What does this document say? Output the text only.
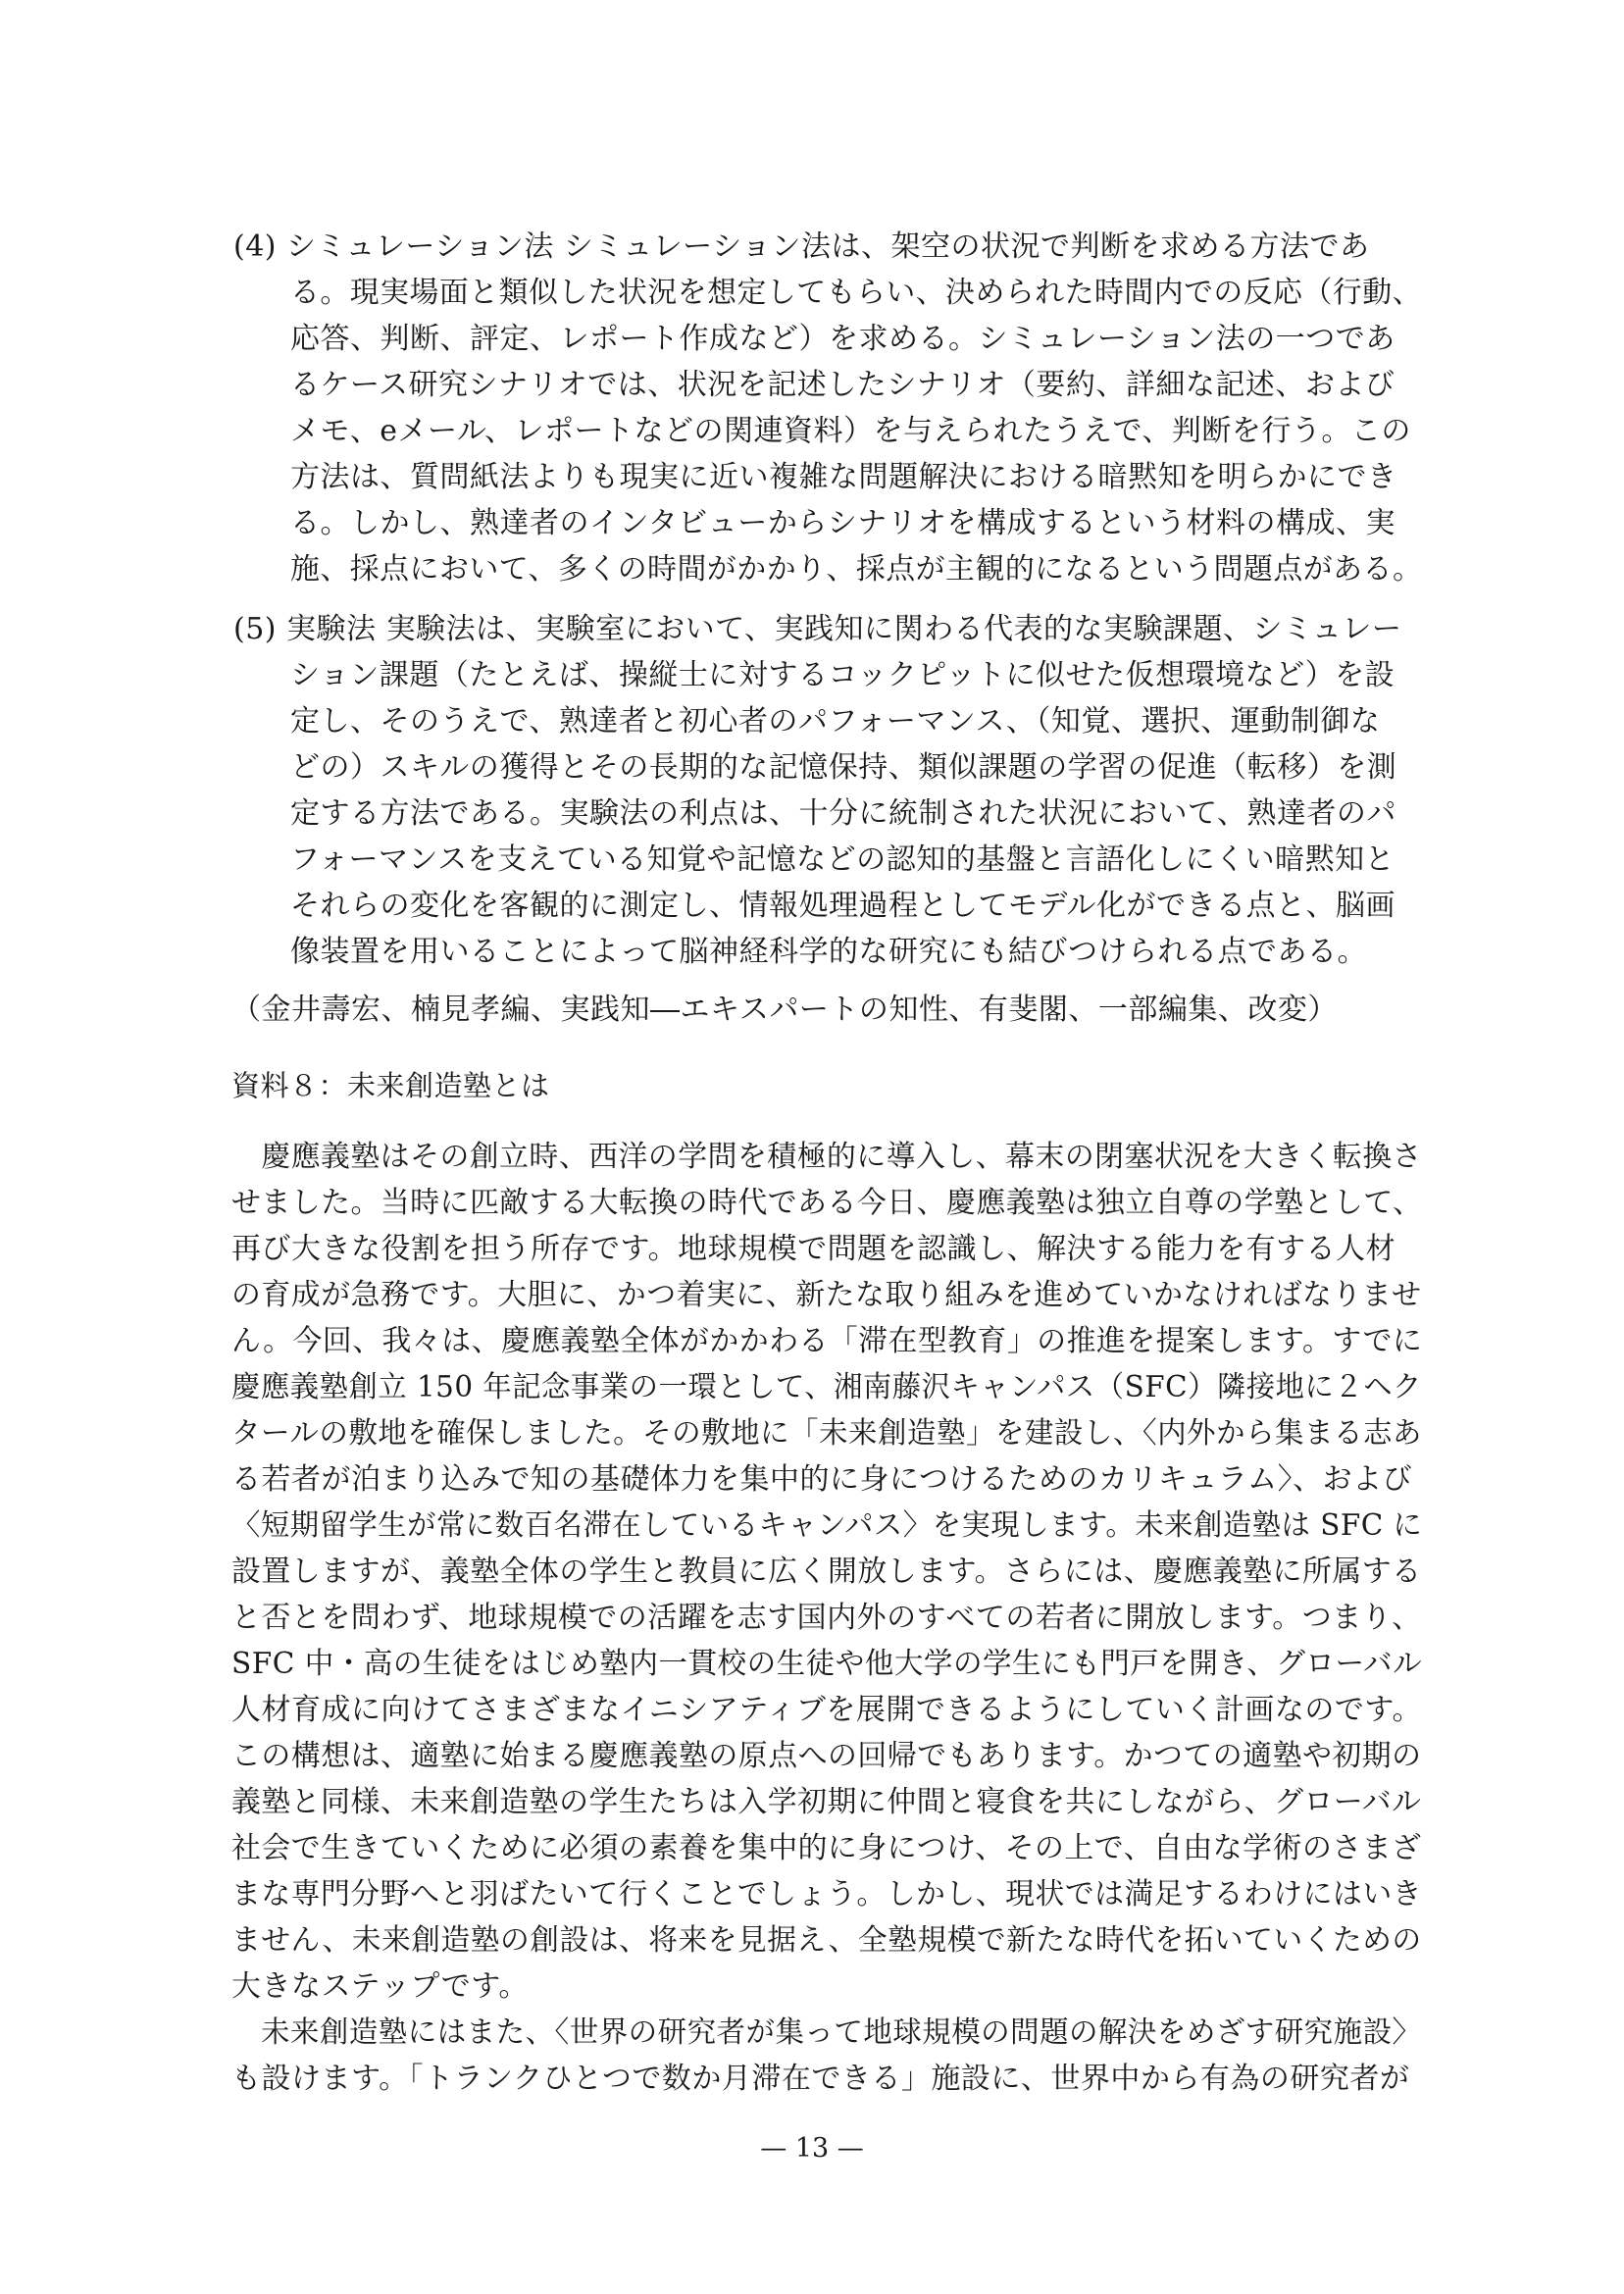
(4) シミュレーション法 シミュレーション法は、架空の状況で判断を求める方法であ
る。現実場面と類似した状況を想定してもらい、決められた時間内での反応（行動、
応答、判断、評定、レポート作成など）を求める。シミュレーション法の一つであ
るケース研究シナリオでは、状況を記述したシナリオ（要約、詳細な記述、および
メモ、eメール、レポートなどの関連資料）を与えられたうえで、判断を行う。この
方法は、質問紙法よりも現実に近い複雑な問題解決における暗黙知を明らかにでき
る。しかし、熟達者のインタビューからシナリオを構成するという材料の構成、実
施、採点において、多くの時間がかかり、採点が主観的になるという問題点がある。
(5) 実験法 実験法は、実験室において、実践知に関わる代表的な実験課題、シミュレー
ション課題（たとえば、操縦士に対するコックピットに似せた仮想環境など）を設
定し、そのうえで、熟達者と初心者のパフォーマンス、（知覚、選択、運動制御な
どの）スキルの獲得とその長期的な記憶保持、類似課題の学習の促進（転移）を測
定する方法である。実験法の利点は、十分に統制された状況において、熟達者のパ
フォーマンスを支えている知覚や記憶などの認知的基盤と言語化しにくい暗黙知と
それらの変化を客観的に測定し、情報処理過程としてモデル化ができる点と、脳画
像装置を用いることによって脳神経科学的な研究にも結びつけられる点である。
（金井壽宏、楠見孝編、実践知―エキスパートの知性、有斐閣、一部編集、改変）
資料８：未来創造塾とは
　慶應義塾はその創立時、西洋の学問を積極的に導入し、幕末の閉塞状況を大きく転換さ
せました。当時に匹敵する大転換の時代である今日、慶應義塾は独立自尊の学塾として、
再び大きな役割を担う所存です。地球規模で問題を認識し、解決する能力を有する人材
の育成が急務です。大胆に、かつ着実に、新たな取り組みを進めていかなければなりませ
ん。今回、我々は、慶應義塾全体がかかわる「滞在型教育」の推進を提案します。すでに
慶應義塾創立 150 年記念事業の一環として、湘南藤沢キャンパス（SFC）隣接地に２ヘク
タールの敷地を確保しました。その敷地に「未来創造塾」を建設し、〈内外から集まる志あ
る若者が泊まり込みで知の基礎体力を集中的に身につけるためのカリキュラム〉、および
〈短期留学生が常に数百名滞在しているキャンパス〉を実現します。未来創造塾は SFC に
設置しますが、義塾全体の学生と教員に広く開放します。さらには、慶應義塾に所属する
と否とを問わず、地球規模での活躍を志す国内外のすべての若者に開放します。つまり、
SFC 中・高の生徒をはじめ塾内一貫校の生徒や他大学の学生にも門戸を開き、グローバル
人材育成に向けてさまざまなイニシアティブを展開できるようにしていく計画なのです。
この構想は、適塾に始まる慶應義塾の原点への回帰でもあります。かつての適塾や初期の
義塾と同様、未来創造塾の学生たちは入学初期に仲間と寝食を共にしながら、グローバル
社会で生きていくために必須の素養を集中的に身につけ、その上で、自由な学術のさまざ
まな専門分野へと羽ばたいて行くことでしょう。しかし、現状では満足するわけにはいき
ません、未来創造塾の創設は、将来を見据え、全塾規模で新たな時代を拓いていくための
大きなステップです。
　未来創造塾にはまた、〈世界の研究者が集って地球規模の問題の解決をめざす研究施設〉
も設けます。「トランクひとつで数か月滞在できる」施設に、世界中から有為の研究者が
— 13 —
